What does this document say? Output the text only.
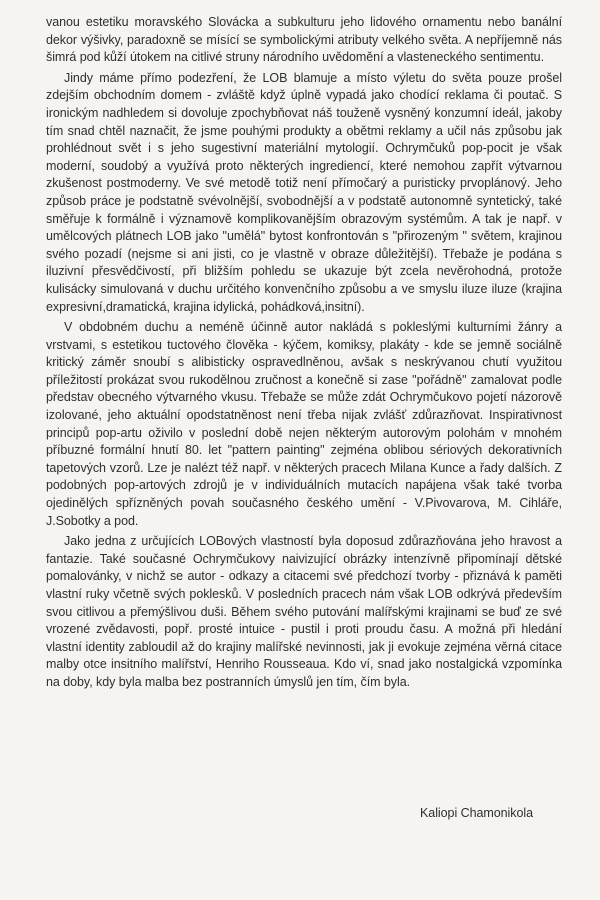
vanou estetiku moravského Slovácka a subkulturu jeho lidového ornamentu nebo banální dekor výšivky, paradoxně se mísící se symbolickými atributy velkého světa. A nepříjemně nás šimrá pod kůží útokem na citlivé struny národního uvědomění a vlasteneckého sentimentu.

Jindy máme přímo podezření, že LOB blamuje a místo výletu do světa pouze prošel zdejším obchodním domem - zvláště když úplně vypadá jako chodící reklama či poutač. S ironickým nadhledem si dovoluje zpochybňovat náš touženě vysněný konzumní ideál, jakoby tím snad chtěl naznačit, že jsme pouhými produkty a obětmi reklamy a učil nás způsobu jak prohlédnout svět i s jeho sugestivní materiální mytologií. Ochrymčuků pop-pocit je však moderní, soudobý a využívá proto některých ingrediencí, které nemohou zapřít výtvarnou zkušenost postmoderny. Ve své metodě totiž není přímočarý a puristicky prvoplánový. Jeho způsob práce je podstatně svévolnější, svobodnější a v podstatě autonomně syntetický, také směřuje k formálně i významově komplikovanějším obrazovým systémům. A tak je např. v umělcových plátnech LOB jako "umělá" bytost konfrontován s "přirozeným " světem, krajinou svého pozadí (nejsme si ani jisti, co je vlastně v obraze důležitější). Třebaže je podána s iluzivní přesvědčivostí, při bližším pohledu se ukazuje být zcela nevěrohodná, protože kulisácky simulovaná v duchu určitého konvenčního způsobu a ve smyslu iluze iluze (krajina expresivní,dramatická, krajina idylická, pohádková,insitní).

V obdobném duchu a neméně účinně autor nakládá s pokleslými kulturními žánry a vrstvami, s estetikou tuctového člověka - kýčem, komiksy, plakáty - kde se jemně sociálně kritický záměr snoubí s alibisticky ospravedlněnou, avšak s neskrývanou chutí využitou příležitostí prokázat svou rukodělnou zručnost a konečně si zase "pořádně" zamalovat podle představ obecného výtvarného vkusu. Třebaže se může zdát Ochrymčukovo pojetí názorově izolované, jeho aktuální opodstatněnost není třeba nijak zvlášť zdůrazňovat. Inspirativnost principů pop-artu oživilo v poslední době nejen některým autorovým polohám v mnohém příbuzné formální hnutí 80. let "pattern painting" zejména oblibou sériových dekorativních tapetových vzorů. Lze je nalézt též např. v některých pracech Milana Kunce a řady dalších. Z podobných pop-artových zdrojů je v individuálních mutacích napájena však také tvorba ojedinělých spřízněných povah současného českého umění - V.Pivovarova, M. Cihláře, J.Sobotky a pod.

Jako jedna z určujících LOBových vlastností byla doposud zdůrazňována jeho hravost a fantazie. Také současné Ochrymčukovy naivizující obrázky intenzívně připomínají dětské pomalovánky, v nichž se autor - odkazy a citacemi své předchozí tvorby - přiznává k paměti vlastní ruky včetně svých poklesků. V posledních pracech nám však LOB odkrývá především svou citlivou a přemýšlivou duši. Během svého putování malířskými krajinami se buď ze své vrozené zvědavosti, popř. prosté intuice - pustil i proti proudu času. A možná při hledání vlastní identity zabloudil až do krajiny malířské nevinnosti, jak ji evokuje zejména věrná citace malby otce insitního malířství, Henriho Rousseaua. Kdo ví, snad jako nostalgická vzpomínka na doby, kdy byla malba bez postranních úmyslů jen tím, čím byla.

Kaliopi Chamonikola
